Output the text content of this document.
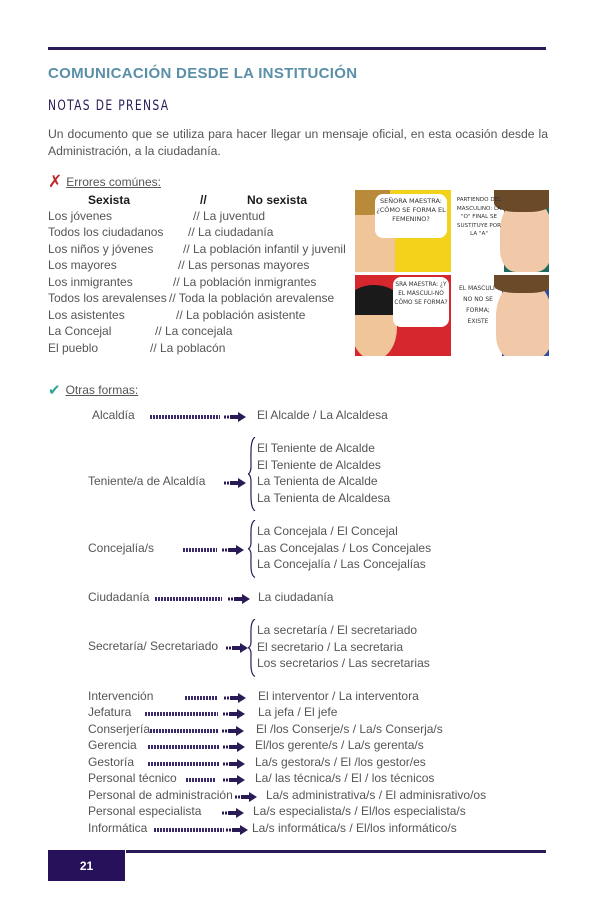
COMUNICACIÓN DESDE LA INSTITUCIÓN
NOTAS DE PRENSA
Un documento que se utiliza para hacer llegar un mensaje oficial, en esta ocasión desde la Administración, a la ciudadanía.
✗ Errores comúnes:
Sexista	//	No sexista
Los jóvenes	// La juventud
Todos los ciudadanos // La ciudadanía
Los niños y jóvenes // La población infantil y juvenil
Los mayores	// Las personas mayores
Los inmigrantes	// La población inmigrantes
Todos los arevalenses // Toda la población arevalense
Los asistentes	// La población asistente
La Concejal	// La concejala
El pueblo	// La poblacón
SEÑORA MAESTRA: ¿CÓMO SE FORMA EL FEMENINO?
PARTIENDO DEL MASCULINO: LA "O" FINAL SE SUSTITUYE POR LA "A"
SRA MAESTRA: ¿Y EL MASCULI-NO CÓMO SE FORMA?
EL MASCULI-NO NO SE FORMA; EXISTE
✔ Otras formas:
Alcaldía	El Alcalde / La Alcaldesa
Teniente/a de Alcaldía
El Teniente de Alcalde
El Teniente de Alcaldes
La Tenienta de Alcalde
La Tenienta de Alcaldesa
Concejalía/s
La Concejala / El Concejal
Las Concejalas / Los Concejales
La Concejalía / Las Concejalías
Ciudadanía	La ciudadanía
Secretaría/ Secretariado
La secretaría / El secretariado
El secretario / La secretaria
Los secretarios / Las secretarias
Intervención	El interventor / La interventora
Jefatura	La jefa / El jefe
Conserjería	El /los Conserje/s / La/s Conserja/s
Gerencia	El/los gerente/s / La/s gerenta/s
Gestoría	La/s gestora/s / El /los gestor/es
Personal técnico	La/ las técnica/s / El / los técnicos
Personal de administración	La/s administrativa/s / El adminisrativo/os
Personal especialista	La/s especialista/s / El/los especialista/s
Informática	La/s informática/s / El/los informático/s
21
